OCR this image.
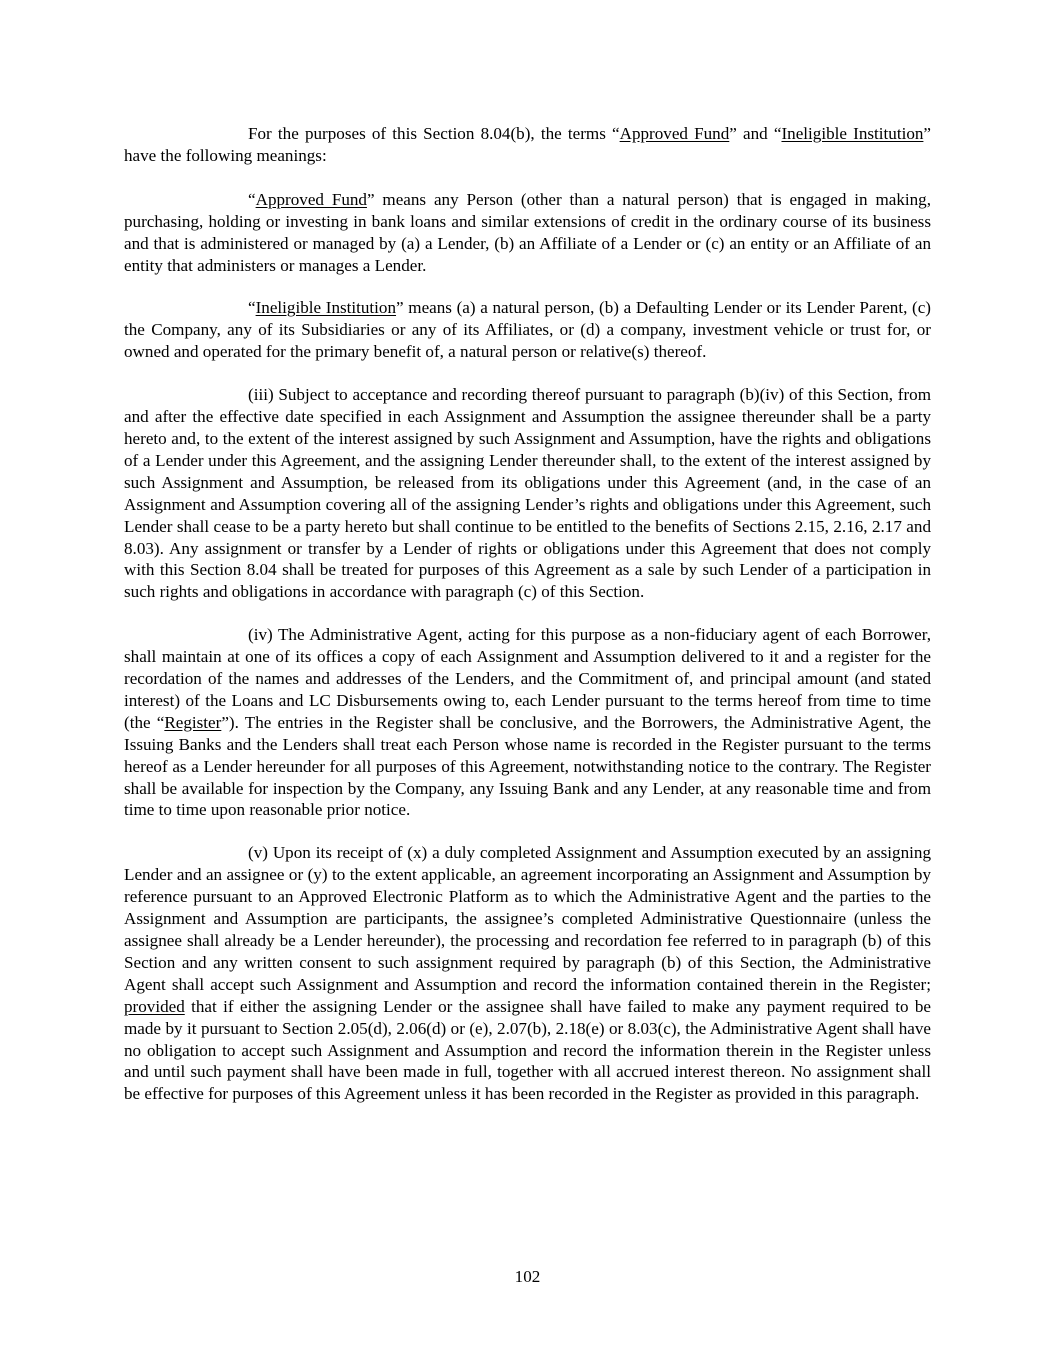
For the purposes of this Section 8.04(b), the terms “Approved Fund” and “Ineligible Institution” have the following meanings:

“Approved Fund” means any Person (other than a natural person) that is engaged in making, purchasing, holding or investing in bank loans and similar extensions of credit in the ordinary course of its business and that is administered or managed by (a) a Lender, (b) an Affiliate of a Lender or (c) an entity or an Affiliate of an entity that administers or manages a Lender.

“Ineligible Institution” means (a) a natural person, (b) a Defaulting Lender or its Lender Parent, (c) the Company, any of its Subsidiaries or any of its Affiliates, or (d) a company, investment vehicle or trust for, or owned and operated for the primary benefit of, a natural person or relative(s) thereof.

(iii) Subject to acceptance and recording thereof pursuant to paragraph (b)(iv) of this Section, from and after the effective date specified in each Assignment and Assumption the assignee thereunder shall be a party hereto and, to the extent of the interest assigned by such Assignment and Assumption, have the rights and obligations of a Lender under this Agreement, and the assigning Lender thereunder shall, to the extent of the interest assigned by such Assignment and Assumption, be released from its obligations under this Agreement (and, in the case of an Assignment and Assumption covering all of the assigning Lender’s rights and obligations under this Agreement, such Lender shall cease to be a party hereto but shall continue to be entitled to the benefits of Sections 2.15, 2.16, 2.17 and 8.03). Any assignment or transfer by a Lender of rights or obligations under this Agreement that does not comply with this Section 8.04 shall be treated for purposes of this Agreement as a sale by such Lender of a participation in such rights and obligations in accordance with paragraph (c) of this Section.

(iv) The Administrative Agent, acting for this purpose as a non-fiduciary agent of each Borrower, shall maintain at one of its offices a copy of each Assignment and Assumption delivered to it and a register for the recordation of the names and addresses of the Lenders, and the Commitment of, and principal amount (and stated interest) of the Loans and LC Disbursements owing to, each Lender pursuant to the terms hereof from time to time (the “Register”). The entries in the Register shall be conclusive, and the Borrowers, the Administrative Agent, the Issuing Banks and the Lenders shall treat each Person whose name is recorded in the Register pursuant to the terms hereof as a Lender hereunder for all purposes of this Agreement, notwithstanding notice to the contrary. The Register shall be available for inspection by the Company, any Issuing Bank and any Lender, at any reasonable time and from time to time upon reasonable prior notice.

(v) Upon its receipt of (x) a duly completed Assignment and Assumption executed by an assigning Lender and an assignee or (y) to the extent applicable, an agreement incorporating an Assignment and Assumption by reference pursuant to an Approved Electronic Platform as to which the Administrative Agent and the parties to the Assignment and Assumption are participants, the assignee’s completed Administrative Questionnaire (unless the assignee shall already be a Lender hereunder), the processing and recordation fee referred to in paragraph (b) of this Section and any written consent to such assignment required by paragraph (b) of this Section, the Administrative Agent shall accept such Assignment and Assumption and record the information contained therein in the Register; provided that if either the assigning Lender or the assignee shall have failed to make any payment required to be made by it pursuant to Section 2.05(d), 2.06(d) or (e), 2.07(b), 2.18(e) or 8.03(c), the Administrative Agent shall have no obligation to accept such Assignment and Assumption and record the information therein in the Register unless and until such payment shall have been made in full, together with all accrued interest thereon. No assignment shall be effective for purposes of this Agreement unless it has been recorded in the Register as provided in this paragraph.

102
